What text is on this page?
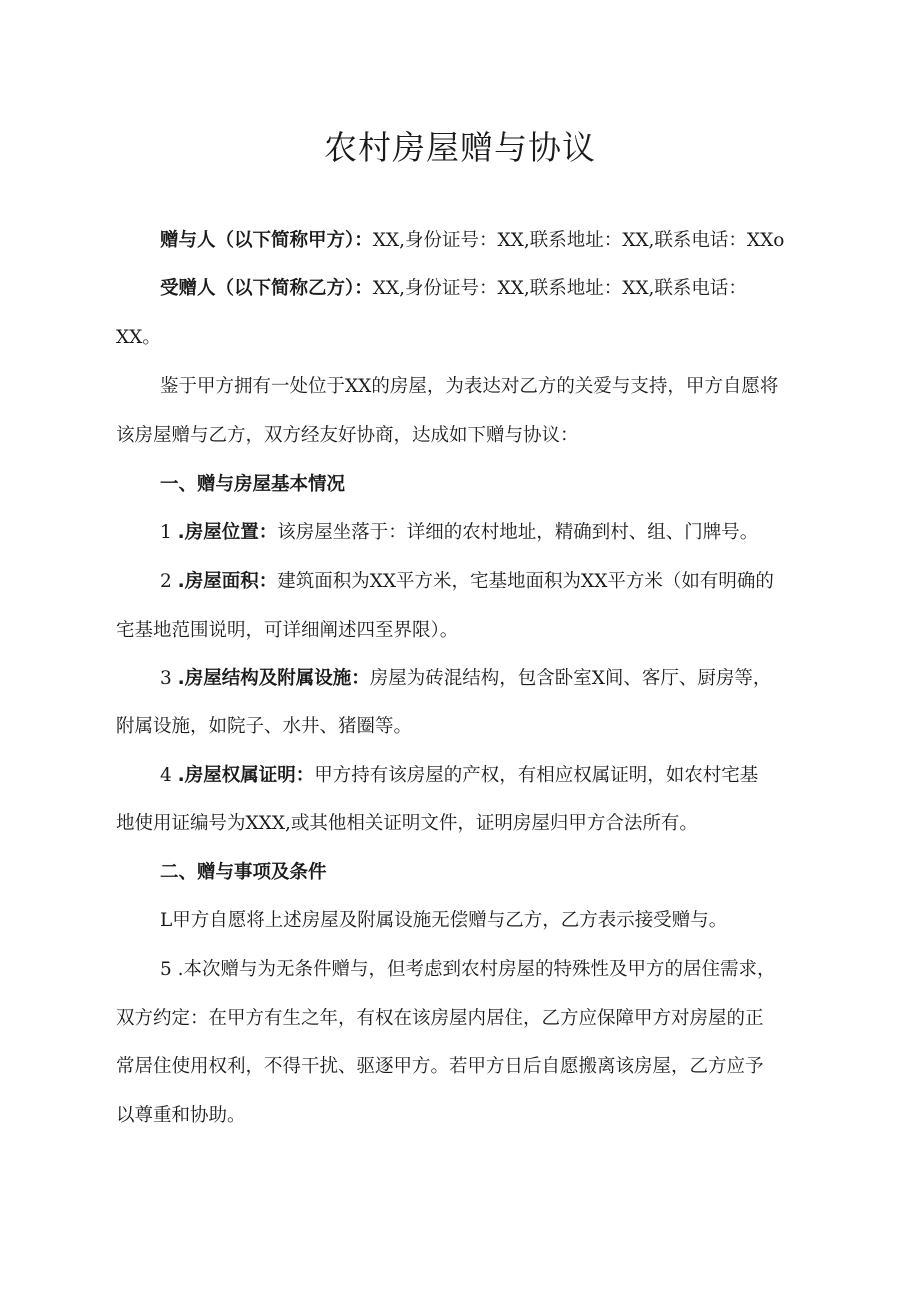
农村房屋赠与协议
赠与人（以下简称甲方）：XX,身份证号：XX,联系地址：XX,联系电话：XXo
受赠人（以下简称乙方）：XX,身份证号：XX,联系地址：XX,联系电话：
XX。
鉴于甲方拥有一处位于XX的房屋，为表达对乙方的关爱与支持，甲方自愿将
该房屋赠与乙方，双方经友好协商，达成如下赠与协议：
一、赠与房屋基本情况
1 .房屋位置：该房屋坐落于：详细的农村地址，精确到村、组、门牌号。
2 .房屋面积：建筑面积为XX平方米，宅基地面积为XX平方米（如有明确的
宅基地范围说明，可详细阐述四至界限）。
3 .房屋结构及附属设施：房屋为砖混结构，包含卧室X间、客厅、厨房等，
附属设施，如院子、水井、猪圈等。
4 .房屋权属证明：甲方持有该房屋的产权，有相应权属证明，如农村宅基
地使用证编号为XXX,或其他相关证明文件，证明房屋归甲方合法所有。
二、赠与事项及条件
L甲方自愿将上述房屋及附属设施无偿赠与乙方，乙方表示接受赠与。
5 .本次赠与为无条件赠与，但考虑到农村房屋的特殊性及甲方的居住需求，
双方约定：在甲方有生之年，有权在该房屋内居住，乙方应保障甲方对房屋的正
常居住使用权利，不得干扰、驱逐甲方。若甲方日后自愿搬离该房屋，乙方应予
以尊重和协助。
